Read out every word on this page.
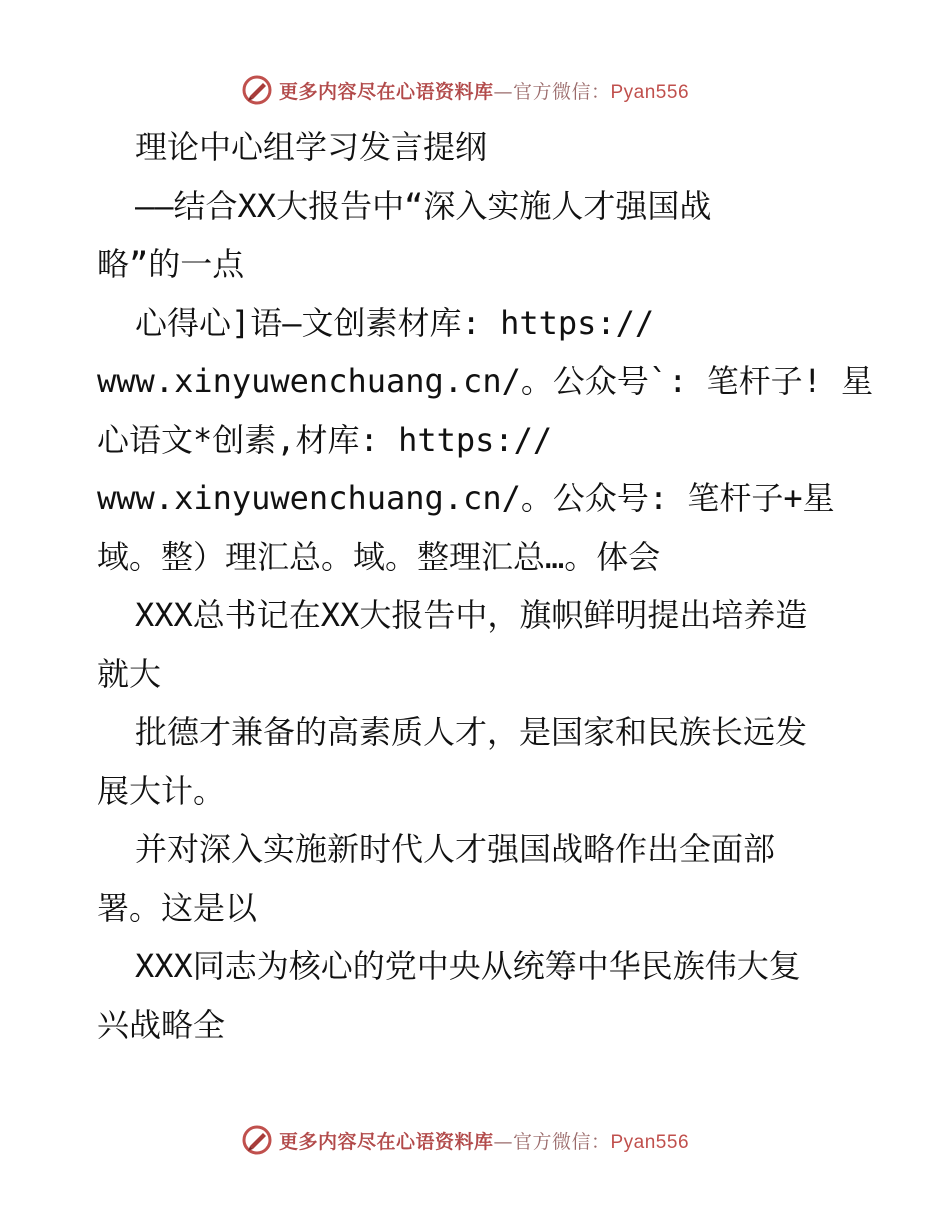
更多内容尽在心语资料库—官方微信：Pyan556
理论中心组学习发言提纲
——结合XX大报告中“深入实施人才强国战
略”的一点
心得心]语—文创素材库: https://
www.xinyuwenchuang.cn/。公众号`: 笔杆子! 星
心语文*创素,材库: https://
www.xinyuwenchuang.cn/。公众号: 笔杆子+星
域。整）理汇总。域。整理汇总…。体会
XXX总书记在XX大报告中，旗帜鲜明提出培养造
就大
批德才兼备的高素质人才，是国家和民族长远发
展大计。
并对深入实施新时代人才强国战略作出全面部
署。这是以
XXX同志为核心的党中央从统筹中华民族伟大复
兴战略全
更多内容尽在心语资料库—官方微信：Pyan556
